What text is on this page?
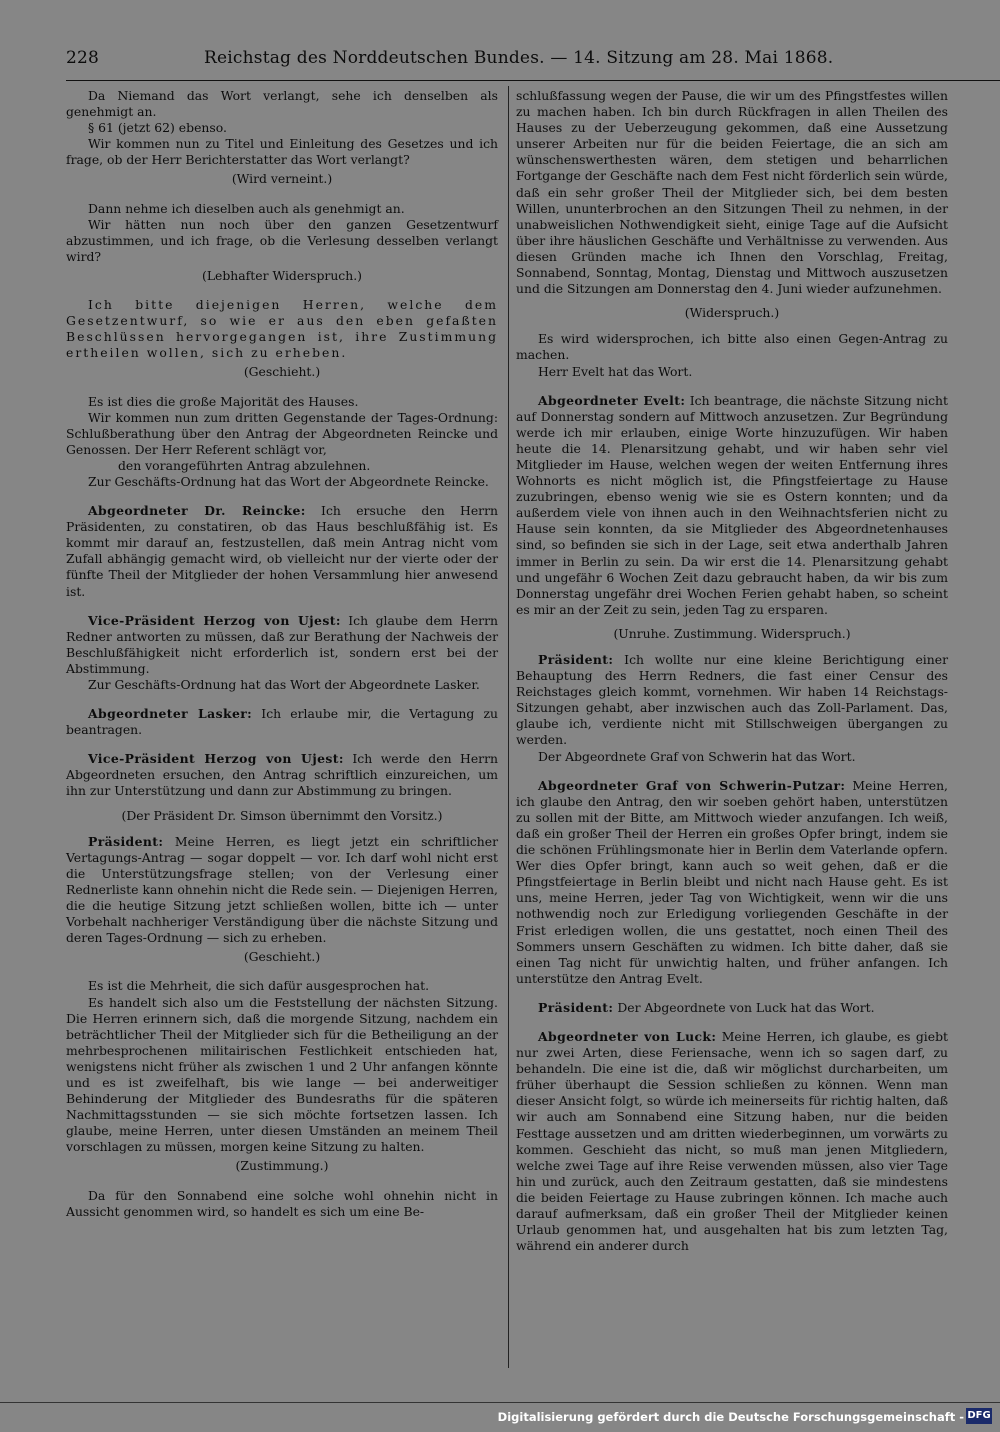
228	Reichstag des Norddeutschen Bundes. — 14. Sitzung am 28. Mai 1868.

Da Niemand das Wort verlangt, sehe ich denselben als genehmigt an.

§ 61 (jetzt 62) ebenso.

Wir kommen nun zu Titel und Einleitung des Gesetzes und ich frage, ob der Herr Berichterstatter das Wort verlangt?

(Wird verneint.)

Dann nehme ich dieselben auch als genehmigt an.

Wir hätten nun noch über den ganzen Gesetzentwurf abzustimmen, und ich frage, ob die Verlesung desselben verlangt wird?

(Lebhafter Widerspruch.)

Ich bitte diejenigen Herren, welche dem Gesetzentwurf, so wie er aus den eben gefaßten Beschlüssen hervorgegangen ist, ihre Zustimmung ertheilen wollen, sich zu erheben.

(Geschieht.)

Es ist dies die große Majorität des Hauses.

Wir kommen nun zum dritten Gegenstande der Tages-Ordnung: Schlußberathung über den Antrag der Abgeordneten Reincke und Genossen. Der Herr Referent schlägt vor,

den vorangeführten Antrag abzulehnen.

Zur Geschäfts-Ordnung hat das Wort der Abgeordnete Reincke.

Abgeordneter Dr. Reincke: Ich ersuche den Herrn Präsidenten, zu constatiren, ob das Haus beschlußfähig ist. Es kommt mir darauf an, festzustellen, daß mein Antrag nicht vom Zufall abhängig gemacht wird, ob vielleicht nur der vierte oder der fünfte Theil der Mitglieder der hohen Versammlung hier anwesend ist.

Vice-Präsident Herzog von Ujest: Ich glaube dem Herrn Redner antworten zu müssen, daß zur Berathung der Nachweis der Beschlußfähigkeit nicht erforderlich ist, sondern erst bei der Abstimmung.

Zur Geschäfts-Ordnung hat das Wort der Abgeordnete Lasker.

Abgeordneter Lasker: Ich erlaube mir, die Vertagung zu beantragen.

Vice-Präsident Herzog von Ujest: Ich werde den Herrn Abgeordneten ersuchen, den Antrag schriftlich einzureichen, um ihn zur Unterstützung und dann zur Abstimmung zu bringen.

(Der Präsident Dr. Simson übernimmt den Vorsitz.)

Präsident: Meine Herren, es liegt jetzt ein schriftlicher Vertagungs-Antrag — sogar doppelt — vor. Ich darf wohl nicht erst die Unterstützungsfrage stellen; von der Verlesung einer Rednerliste kann ohnehin nicht die Rede sein. — Diejenigen Herren, die die heutige Sitzung jetzt schließen wollen, bitte ich — unter Vorbehalt nachheriger Verständigung über die nächste Sitzung und deren Tages-Ordnung — sich zu erheben.

(Geschieht.)

Es ist die Mehrheit, die sich dafür ausgesprochen hat.

Es handelt sich also um die Feststellung der nächsten Sitzung. Die Herren erinnern sich, daß die morgende Sitzung, nachdem ein beträchtlicher Theil der Mitglieder sich für die Betheiligung an der mehrbesprochenen militairischen Festlichkeit entschieden hat, wenigstens nicht früher als zwischen 1 und 2 Uhr anfangen könnte und es ist zweifelhaft, bis wie lange — bei anderweitiger Behinderung der Mitglieder des Bundesraths für die späteren Nachmittagsstunden — sie sich möchte fortsetzen lassen. Ich glaube, meine Herren, unter diesen Umständen an meinem Theil vorschlagen zu müssen, morgen keine Sitzung zu halten.

(Zustimmung.)

Da für den Sonnabend eine solche wohl ohnehin nicht in Aussicht genommen wird, so handelt es sich um eine Be-

schlußfassung wegen der Pause, die wir um des Pfingstfestes willen zu machen haben. Ich bin durch Rückfragen in allen Theilen des Hauses zu der Ueberzeugung gekommen, daß eine Aussetzung unserer Arbeiten nur für die beiden Feiertage, die an sich am wünschenswerthesten wären, dem stetigen und beharrlichen Fortgange der Geschäfte nach dem Fest nicht förderlich sein würde, daß ein sehr großer Theil der Mitglieder sich, bei dem besten Willen, ununterbrochen an den Sitzungen Theil zu nehmen, in der unabweislichen Nothwendigkeit sieht, einige Tage auf die Aufsicht über ihre häuslichen Geschäfte und Verhältnisse zu verwenden. Aus diesen Gründen mache ich Ihnen den Vorschlag, Freitag, Sonnabend, Sonntag, Montag, Dienstag und Mittwoch auszusetzen und die Sitzungen am Donnerstag den 4. Juni wieder aufzunehmen.

(Widerspruch.)

Es wird widersprochen, ich bitte also einen Gegen-Antrag zu machen.

Herr Evelt hat das Wort.

Abgeordneter Evelt: Ich beantrage, die nächste Sitzung nicht auf Donnerstag sondern auf Mittwoch anzusetzen. Zur Begründung werde ich mir erlauben, einige Worte hinzuzufügen. Wir haben heute die 14. Plenarsitzung gehabt, und wir haben sehr viel Mitglieder im Hause, welchen wegen der weiten Entfernung ihres Wohnorts es nicht möglich ist, die Pfingstfeiertage zu Hause zuzubringen, ebenso wenig wie sie es Ostern konnten; und da außerdem viele von ihnen auch in den Weihnachtsferien nicht zu Hause sein konnten, da sie Mitglieder des Abgeordnetenhauses sind, so befinden sie sich in der Lage, seit etwa anderthalb Jahren immer in Berlin zu sein. Da wir erst die 14. Plenarsitzung gehabt und ungefähr 6 Wochen Zeit dazu gebraucht haben, da wir bis zum Donnerstag ungefähr drei Wochen Ferien gehabt haben, so scheint es mir an der Zeit zu sein, jeden Tag zu ersparen.

(Unruhe. Zustimmung. Widerspruch.)

Präsident: Ich wollte nur eine kleine Berichtigung einer Behauptung des Herrn Redners, die fast einer Censur des Reichstages gleich kommt, vornehmen. Wir haben 14 Reichstags-Sitzungen gehabt, aber inzwischen auch das Zoll-Parlament. Das, glaube ich, verdiente nicht mit Stillschweigen übergangen zu werden.

Der Abgeordnete Graf von Schwerin hat das Wort.

Abgeordneter Graf von Schwerin-Putzar: Meine Herren, ich glaube den Antrag, den wir soeben gehört haben, unterstützen zu sollen mit der Bitte, am Mittwoch wieder anzufangen. Ich weiß, daß ein großer Theil der Herren ein großes Opfer bringt, indem sie die schönen Frühlingsmonate hier in Berlin dem Vaterlande opfern. Wer dies Opfer bringt, kann auch so weit gehen, daß er die Pfingstfeiertage in Berlin bleibt und nicht nach Hause geht. Es ist uns, meine Herren, jeder Tag von Wichtigkeit, wenn wir die uns nothwendig noch zur Erledigung vorliegenden Geschäfte in der Frist erledigen wollen, die uns gestattet, noch einen Theil des Sommers unsern Geschäften zu widmen. Ich bitte daher, daß sie einen Tag nicht für unwichtig halten, und früher anfangen. Ich unterstütze den Antrag Evelt.

Präsident: Der Abgeordnete von Luck hat das Wort.

Abgeordneter von Luck: Meine Herren, ich glaube, es giebt nur zwei Arten, diese Feriensache, wenn ich so sagen darf, zu behandeln. Die eine ist die, daß wir möglichst durcharbeiten, um früher überhaupt die Session schließen zu können. Wenn man dieser Ansicht folgt, so würde ich meinerseits für richtig halten, daß wir auch am Sonnabend eine Sitzung haben, nur die beiden Festtage aussetzen und am dritten wiederbeginnen, um vorwärts zu kommen. Geschieht das nicht, so muß man jenen Mitgliedern, welche zwei Tage auf ihre Reise verwenden müssen, also vier Tage hin und zurück, auch den Zeitraum gestatten, daß sie mindestens die beiden Feiertage zu Hause zubringen können. Ich mache auch darauf aufmerksam, daß ein großer Theil der Mitglieder keinen Urlaub genommen hat, und ausgehalten hat bis zum letzten Tag, während ein anderer durch

Digitalisierung gefördert durch die Deutsche Forschungsgemeinschaft - DFG
